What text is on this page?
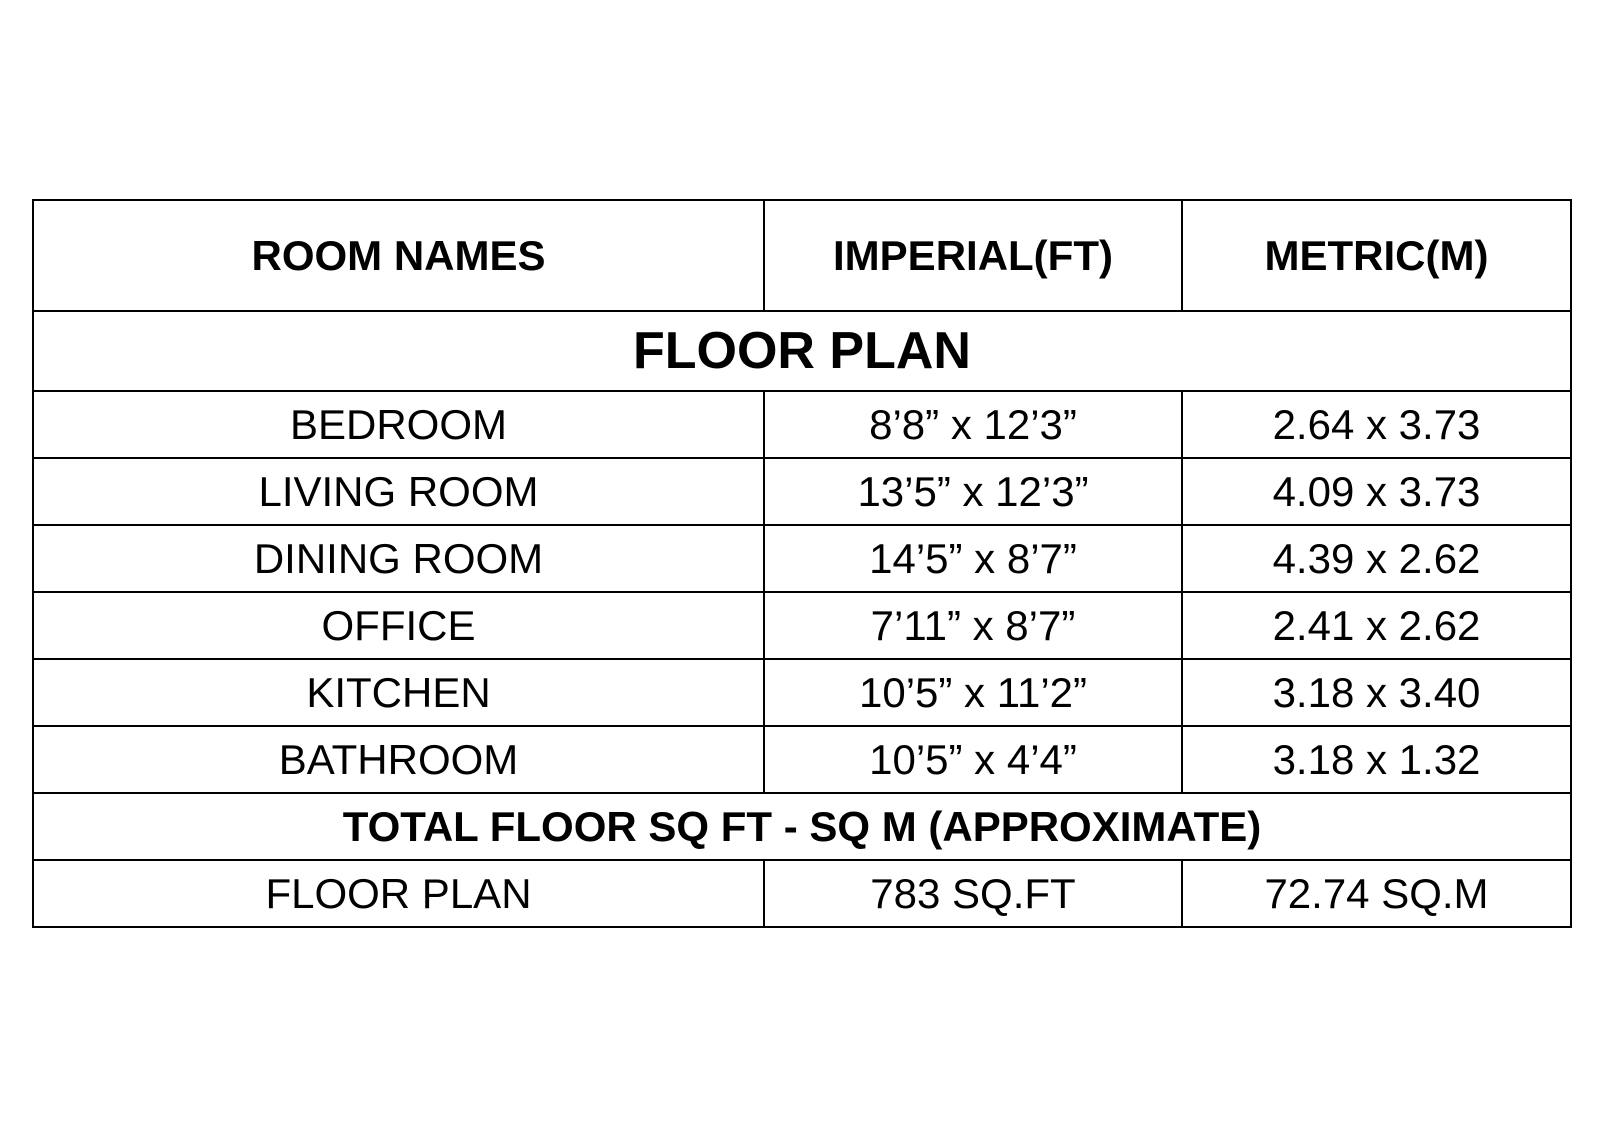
ROOM NAMES	IMPERIAL(FT)	METRIC(M)
FLOOR PLAN		
BEDROOM	8’8” x 12’3”	2.64 x 3.73
LIVING ROOM	13’5” x 12’3”	4.09 x 3.73
DINING ROOM	14’5” x 8’7”	4.39 x 2.62
OFFICE	7’11” x 8’7”	2.41 x 2.62
KITCHEN	10’5” x 11’2”	3.18 x 3.40
BATHROOM	10’5” x 4’4”	3.18 x 1.32
TOTAL FLOOR SQ FT - SQ M (APPROXIMATE)		
FLOOR PLAN	783 SQ.FT	72.74 SQ.M
